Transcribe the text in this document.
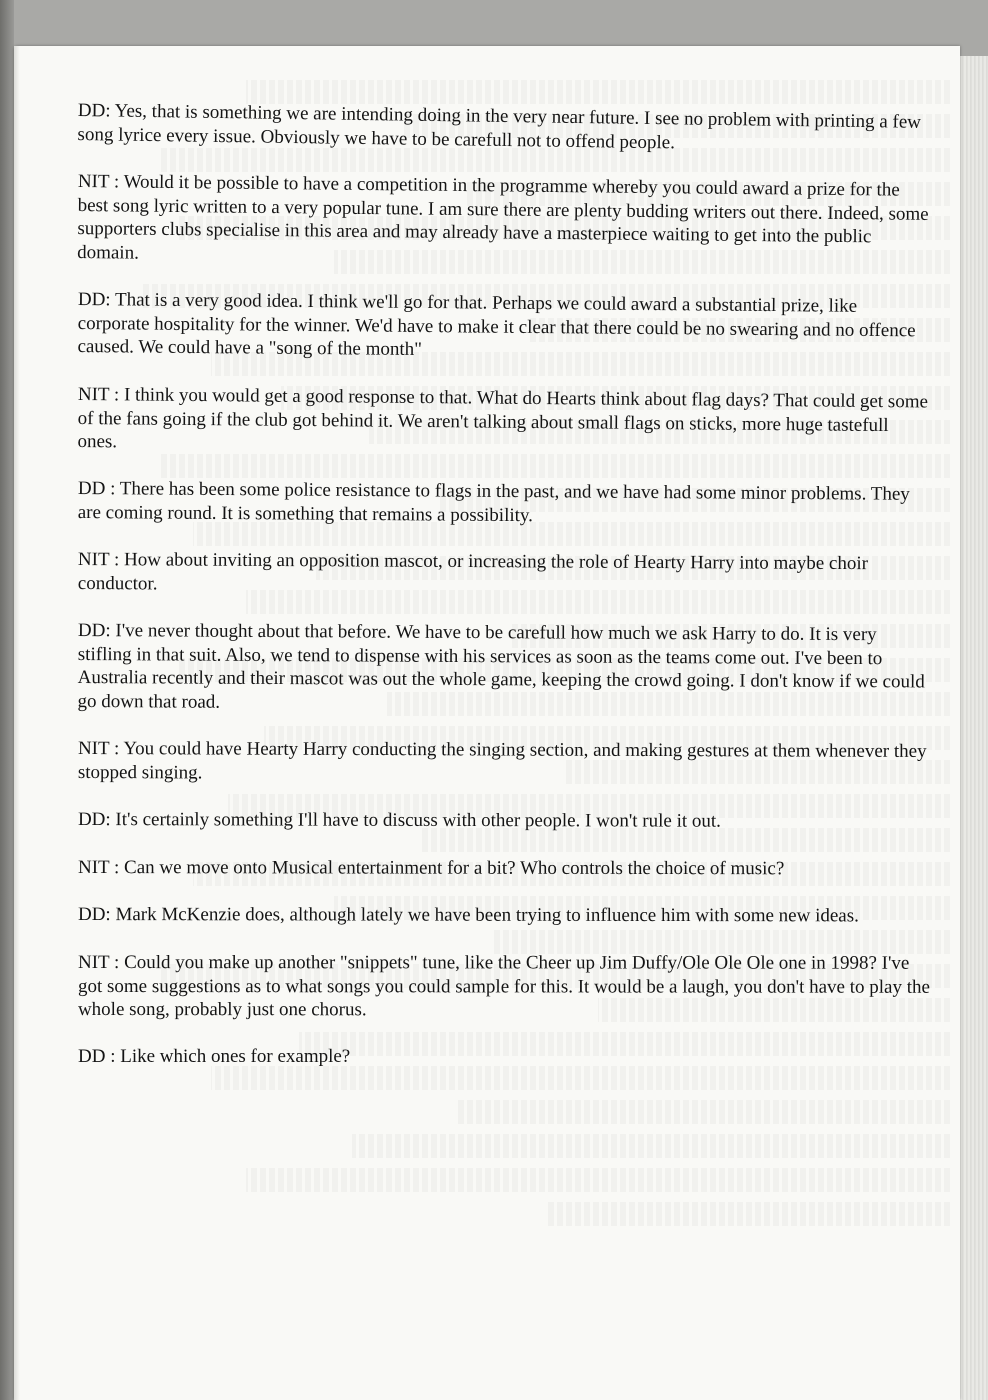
DD: Yes, that is something we are intending doing in the very near future. I see no problem with printing a few song lyrice every issue. Obviously we have to be carefull not to offend people.

NIT : Would it be possible to have a competition in the programme whereby you could award a prize for the best song lyric written to a very popular tune. I am sure there are plenty budding writers out there. Indeed, some supporters clubs specialise in this area and may already have a masterpiece waiting to get into the public domain.

DD: That is a very good idea. I think we'll go for that. Perhaps we could award a substantial prize, like corporate hospitality for the winner. We'd have to make it clear that there could be no swearing and no offence caused. We could have a "song of the month"

NIT : I think you would get a good response to that. What do Hearts think about flag days? That could get some of the fans going if the club got behind it. We aren't talking about small flags on sticks, more huge tastefull ones.

DD : There has been some police resistance to flags in the past, and we have had some minor problems. They are coming round. It is something that remains a possibility.

NIT : How about inviting an opposition mascot, or increasing the role of Hearty Harry into maybe choir conductor.

DD: I've never thought about that before. We have to be carefull how much we ask Harry to do. It is very stifling in that suit. Also, we tend to dispense with his services as soon as the teams come out. I've been to Australia recently and their mascot was out the whole game, keeping the crowd going. I don't know if we could go down that road.

NIT : You could have Hearty Harry conducting the singing section, and making gestures at them whenever they stopped singing.

DD: It's certainly something I'll have to discuss with other people. I won't rule it out.

NIT : Can we move onto Musical entertainment for a bit? Who controls the choice of music?

DD: Mark McKenzie does, although lately we have been trying to influence him with some new ideas.

NIT : Could you make up another "snippets" tune, like the Cheer up Jim Duffy/Ole Ole Ole one in 1998? I've got some suggestions as to what songs you could sample for this. It would be a laugh, you don't have to play the whole song, probably just one chorus.

DD : Like which ones for example?
